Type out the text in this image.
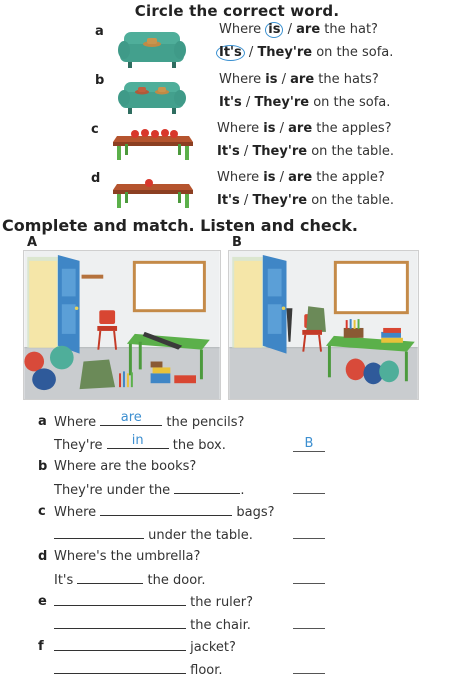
Circle the correct word.
a	Where is / are the hat?
It's / They're on the sofa.
b	Where is / are the hats?
It's / They're on the sofa.
c	Where is / are the apples?
It's / They're on the table.
d	Where is / are the apple?
It's / They're on the table.
Complete and match. Listen and check.
A	B
a Where	are	the pencils?
They're	in	the box.	B
b Where are the books?
They're under the	.
c Where	bags?
under the table.
d Where's the umbrella?
It's	the door.
e	the ruler?
the chair.
f	jacket?
floor.
